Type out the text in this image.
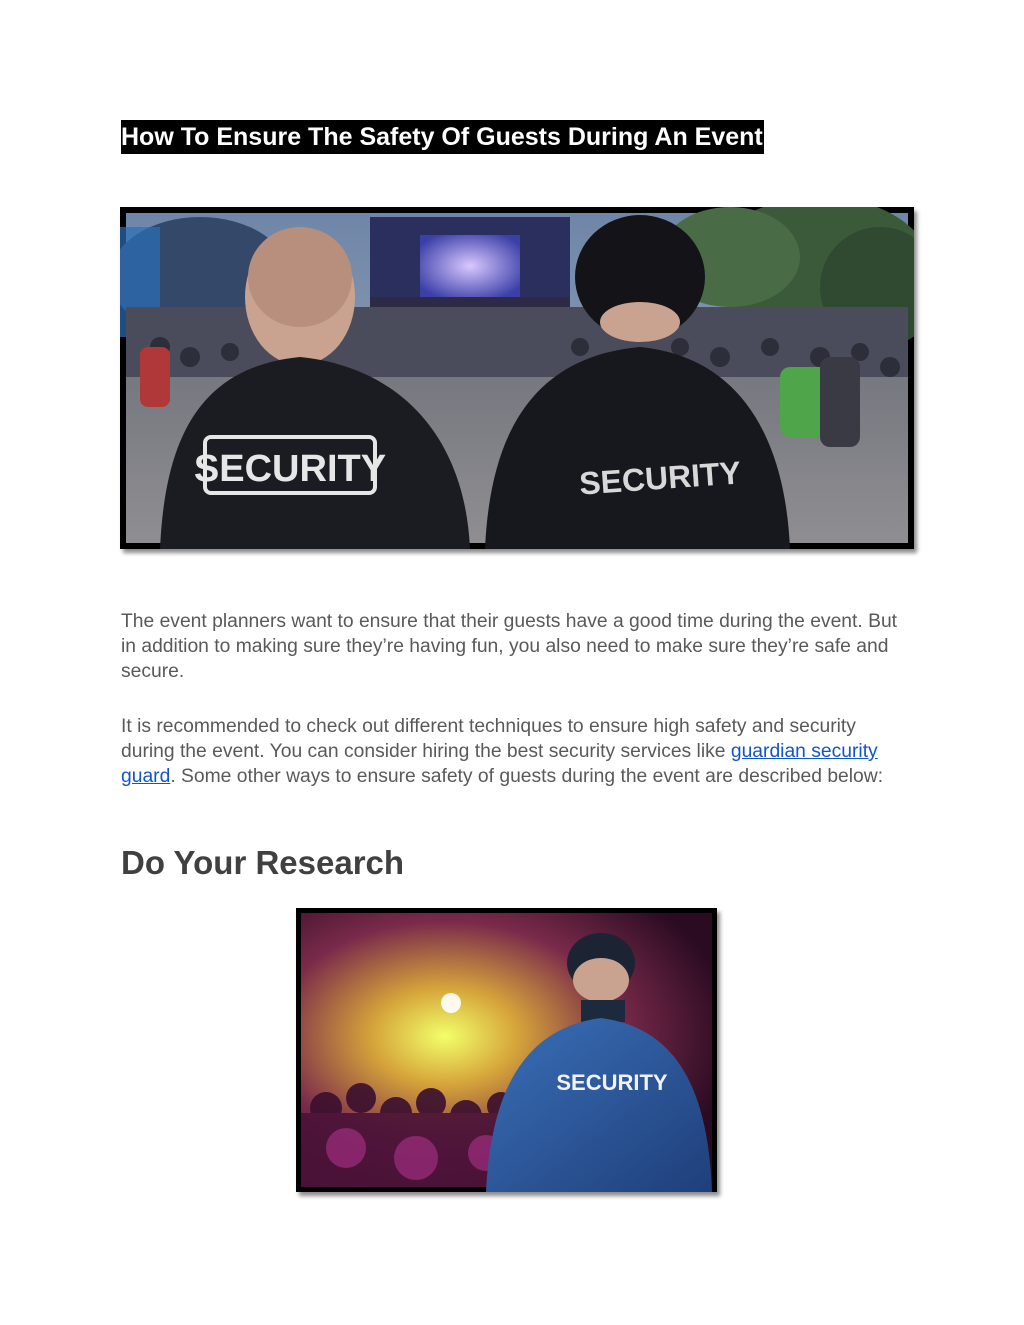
How To Ensure The Safety Of Guests During An Event
SECURITY	SECURITY

The event planners want to ensure that their guests have a good time during the event. But in addition to making sure they’re having fun, you also need to make sure they’re safe and secure.

It is recommended to check out different techniques to ensure high safety and security during the event. You can consider hiring the best security services like guardian security guard. Some other ways to ensure safety of guests during the event are described below:

Do Your Research
SECURITY
